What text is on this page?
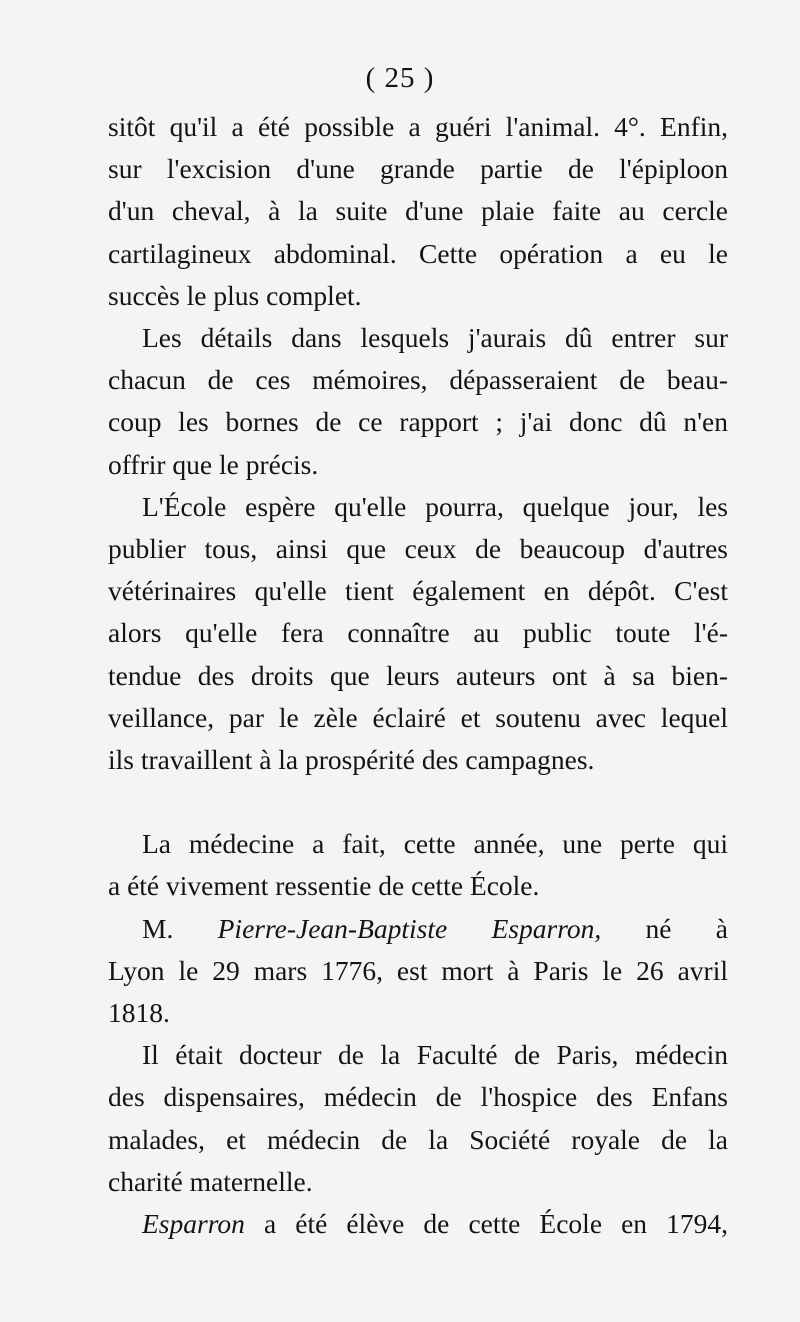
( 25 )

sitôt qu'il a été possible a guéri l'animal. 4°. Enfin,
sur l'excision d'une grande partie de l'épiploon
d'un cheval, à la suite d'une plaie faite au cercle
cartilagineux abdominal. Cette opération a eu le
succès le plus complet.

Les détails dans lesquels j'aurais dû entrer sur
chacun de ces mémoires, dépasseraient de beau-
coup les bornes de ce rapport ; j'ai donc dû n'en
offrir que le précis.

L'École espère qu'elle pourra, quelque jour, les
publier tous, ainsi que ceux de beaucoup d'autres
vétérinaires qu'elle tient également en dépôt. C'est
alors qu'elle fera connaître au public toute l'é-
tendue des droits que leurs auteurs ont à sa bien-
veillance, par le zèle éclairé et soutenu avec lequel
ils travaillent à la prospérité des campagnes.

La médecine a fait, cette année, une perte qui
a été vivement ressentie de cette École.

M. Pierre-Jean-Baptiste Esparron, né à
Lyon le 29 mars 1776, est mort à Paris le 26 avril
1818.

Il était docteur de la Faculté de Paris, médecin
des dispensaires, médecin de l'hospice des Enfans
malades, et médecin de la Société royale de la
charité maternelle.

Esparron a été élève de cette École en 1794,
